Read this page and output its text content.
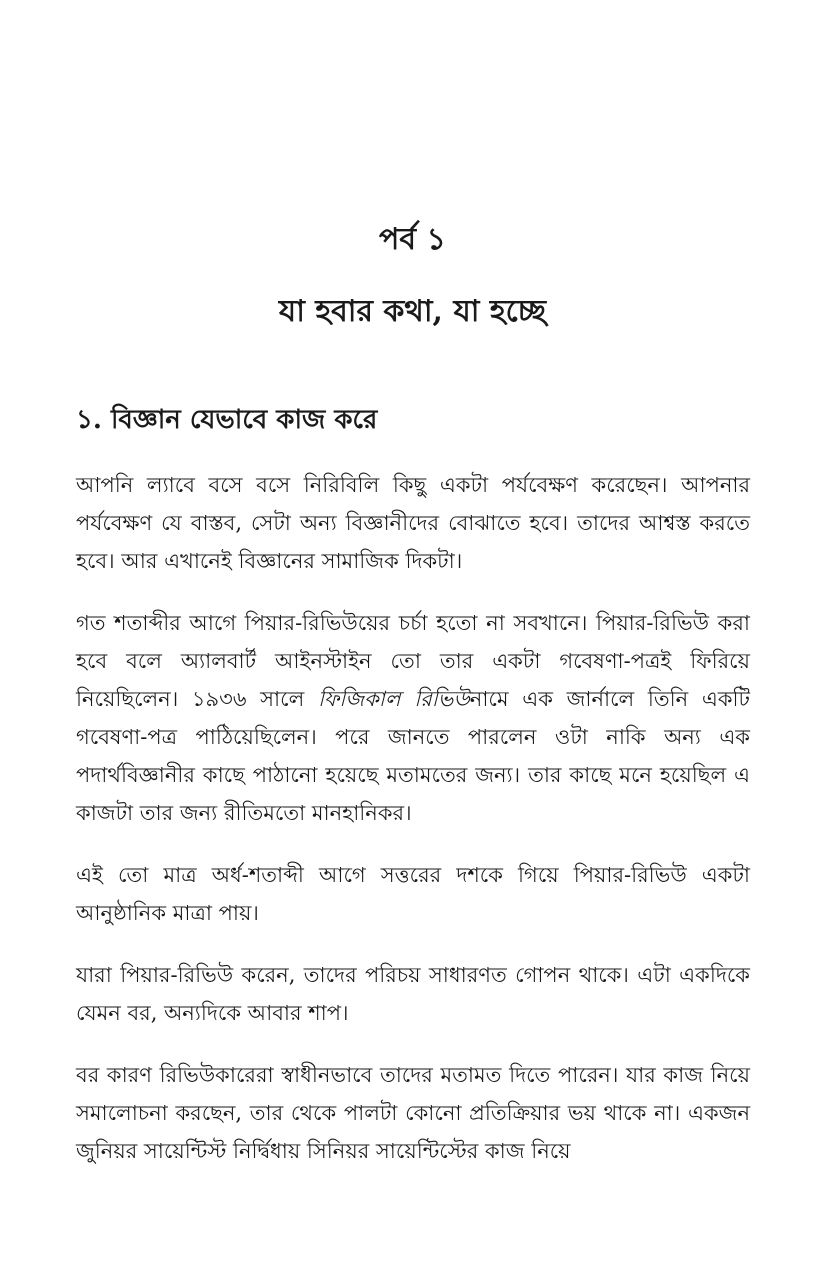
পর্ব ১
যা হবার কথা, যা হচ্ছে
১. বিজ্ঞান যেভাবে কাজ করে

আপনি ল্যাবে বসে বসে নিরিবিলি কিছু একটা পর্যবেক্ষণ করেছেন। আপনার পর্যবেক্ষণ যে বাস্তব, সেটা অন্য বিজ্ঞানীদের বোঝাতে হবে। তাদের আশ্বস্ত করতে হবে। আর এখানেই বিজ্ঞানের সামাজিক দিকটা।

গত শতাব্দীর আগে পিয়ার-রিভিউয়ের চর্চা হতো না সবখানে। পিয়ার-রিভিউ করা হবে বলে অ্যালবার্ট আইনস্টাইন তো তার একটা গবেষণা-পত্রই ফিরিয়ে নিয়েছিলেন। ১৯৩৬ সালে ফিজিকাল রিভিউনামে এক জার্নালে তিনি একটি গবেষণা-পত্র পাঠিয়েছিলেন। পরে জানতে পারলেন ওটা নাকি অন্য এক পদার্থবিজ্ঞানীর কাছে পাঠানো হয়েছে মতামতের জন্য। তার কাছে মনে হয়েছিল এ কাজটা তার জন্য রীতিমতো মানহানিকর।

এই তো মাত্র অর্ধ-শতাব্দী আগে সত্তরের দশকে গিয়ে পিয়ার-রিভিউ একটা আনুষ্ঠানিক মাত্রা পায়।

যারা পিয়ার-রিভিউ করেন, তাদের পরিচয় সাধারণত গোপন থাকে। এটা একদিকে যেমন বর, অন্যদিকে আবার শাপ।

বর কারণ রিভিউকারেরা স্বাধীনভাবে তাদের মতামত দিতে পারেন। যার কাজ নিয়ে সমালোচনা করছেন, তার থেকে পালটা কোনো প্রতিক্রিয়ার ভয় থাকে না। একজন জুনিয়র সায়েন্টিস্ট নির্দ্বিধায় সিনিয়র সায়েন্টিস্টের কাজ নিয়ে
